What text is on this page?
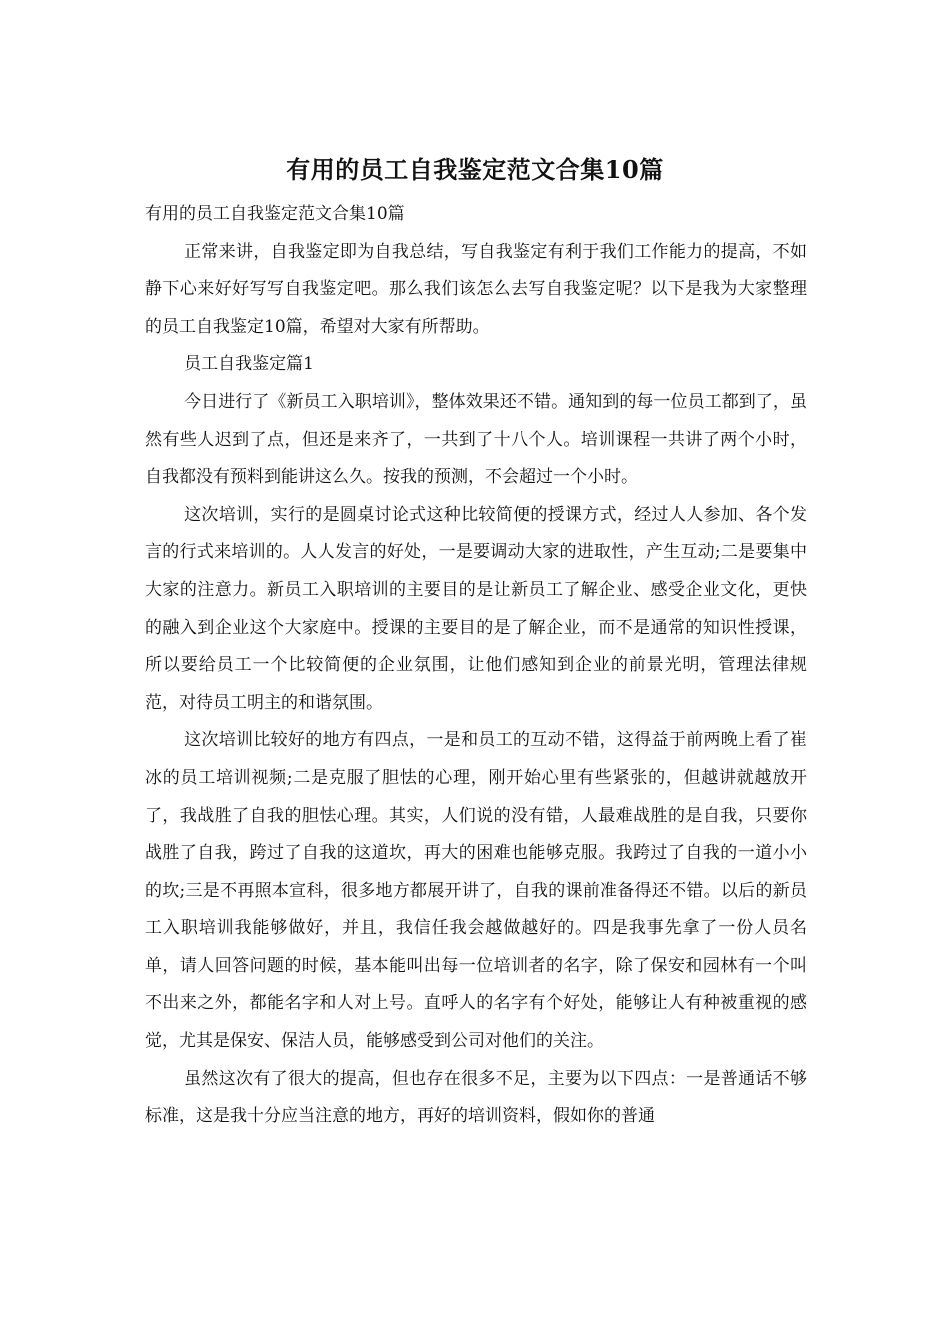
有用的员工自我鉴定范文合集10篇

有用的员工自我鉴定范文合集10篇

正常来讲，自我鉴定即为自我总结，写自我鉴定有利于我们工作能力的提高，不如静下心来好好写写自我鉴定吧。那么我们该怎么去写自我鉴定呢？以下是我为大家整理的员工自我鉴定10篇，希望对大家有所帮助。

员工自我鉴定篇1

今日进行了《新员工入职培训》，整体效果还不错。通知到的每一位员工都到了，虽然有些人迟到了点，但还是来齐了，一共到了十八个人。培训课程一共讲了两个小时，自我都没有预料到能讲这么久。按我的预测，不会超过一个小时。

这次培训，实行的是圆桌讨论式这种比较简便的授课方式，经过人人参加、各个发言的行式来培训的。人人发言的好处，一是要调动大家的进取性，产生互动;二是要集中大家的注意力。新员工入职培训的主要目的是让新员工了解企业、感受企业文化，更快的融入到企业这个大家庭中。授课的主要目的是了解企业，而不是通常的知识性授课，所以要给员工一个比较简便的企业氛围，让他们感知到企业的前景光明，管理法律规范，对待员工明主的和谐氛围。

这次培训比较好的地方有四点，一是和员工的互动不错，这得益于前两晚上看了崔冰的员工培训视频;二是克服了胆怯的心理，刚开始心里有些紧张的，但越讲就越放开了，我战胜了自我的胆怯心理。其实，人们说的没有错，人最难战胜的是自我，只要你战胜了自我，跨过了自我的这道坎，再大的困难也能够克服。我跨过了自我的一道小小的坎;三是不再照本宣科，很多地方都展开讲了，自我的课前准备得还不错。以后的新员工入职培训我能够做好，并且，我信任我会越做越好的。四是我事先拿了一份人员名单，请人回答问题的时候，基本能叫出每一位培训者的名字，除了保安和园林有一个叫不出来之外，都能名字和人对上号。直呼人的名字有个好处，能够让人有种被重视的感觉，尤其是保安、保洁人员，能够感受到公司对他们的关注。

虽然这次有了很大的提高，但也存在很多不足，主要为以下四点：一是普通话不够标准，这是我十分应当注意的地方，再好的培训资料，假如你的普通
